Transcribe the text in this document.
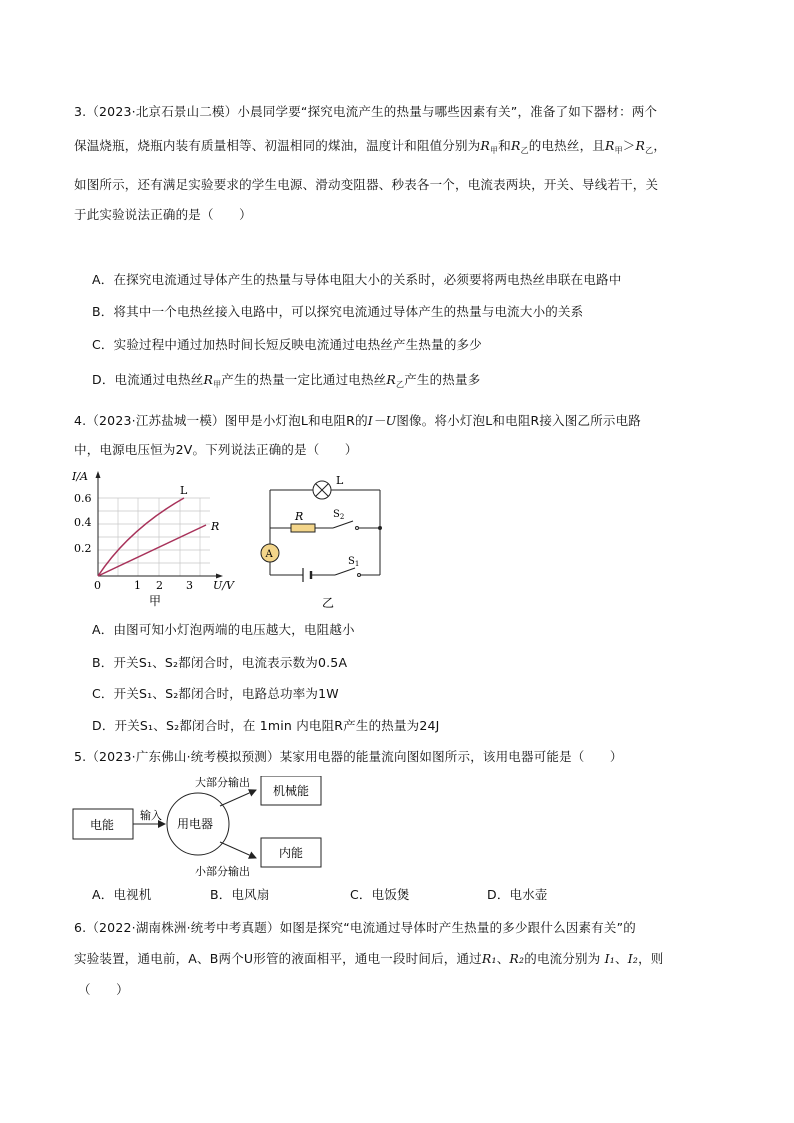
3.（2023·北京石景山二模）小晨同学要“探究电流产生的热量与哪些因素有关”，准备了如下器材：两个
保温烧瓶，烧瓶内装有质量相等、初温相同的煤油，温度计和阻值分别为$R_甲$和$R_乙$的电热丝，且$R_甲>R_乙$，
如图所示，还有满足实验要求的学生电源、滑动变阻器、秒表各一个，电流表两块，开关、导线若干，关
于此实验说法正确的是（　　）
A．在探究电流通过导体产生的热量与导体电阻大小的关系时，必须要将两电热丝串联在电路中
B．将其中一个电热丝接入电路中，可以探究电流通过导体产生的热量与电流大小的关系
C．实验过程中通过加热时间长短反映电流通过电热丝产生热量的多少
D．电流通过电热丝$R_甲$产生的热量一定比通过电热丝$R_乙$产生的热量多
4.（2023·江苏盐城一模）图甲是小灯泡L和电阻R的I－U图像。将小灯泡L和电阻R接入图乙所示电路
中，电源电压恒为2V。下列说法正确的是（　　）
I/A
0.6
0.4
0.2
0	1 2 3 U/V
L
R
甲
L
R
A
$S_2$
$S_1$
乙
A．由图可知小灯泡两端的电压越大，电阻越小
B．开关S₁、S₂都闭合时，电流表示数为0.5A
C．开关S₁、S₂都闭合时，电路总功率为1W
D．开关S₁、S₂都闭合时，在 1min 内电阻R产生的热量为24J
5.（2023·广东佛山·统考模拟预测）某家用电器的能量流向图如图所示，该用电器可能是（　　）
电能
输入
用电器
大部分输出
小部分输出
机械能
内能
A．电视机	B．电风扇	C．电饭煲	D．电水壶
6.（2022·湖南株洲·统考中考真题）如图是探究“电流通过导体时产生热量的多少跟什么因素有关”的
实验装置，通电前，A、B两个U形管的液面相平，通电一段时间后，通过R₁、R₂的电流分别为 I₁、I₂，则
（　　）
